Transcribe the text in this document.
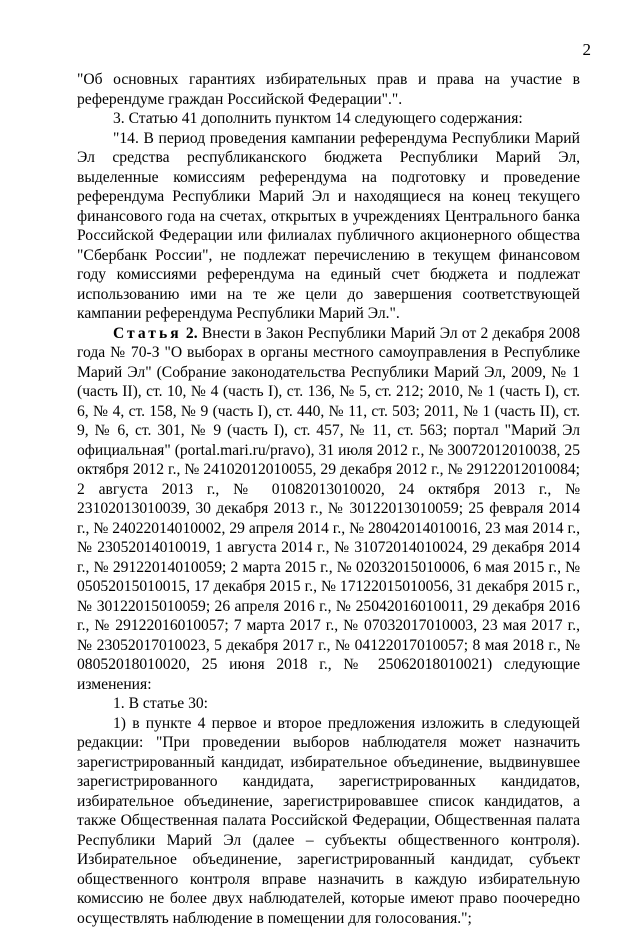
2

"Об основных гарантиях избирательных прав и права на участие в референдуме граждан Российской Федерации".".

3. Статью 41 дополнить пунктом 14 следующего содержания:

"14. В период проведения кампании референдума Республики Марий Эл средства республиканского бюджета Республики Марий Эл, выделенные комиссиям референдума на подготовку и проведение референдума Республики Марий Эл и находящиеся на конец текущего финансового года на счетах, открытых в учреждениях Центрального банка Российской Федерации или филиалах публичного акционерного общества "Сбербанк России", не подлежат перечислению в текущем финансовом году комиссиями референдума на единый счет бюджета и подлежат использованию ими на те же цели до завершения соответствующей кампании референдума Республики Марий Эл.".

Статья 2. Внести в Закон Республики Марий Эл от 2 декабря 2008 года № 70-З "О выборах в органы местного самоуправления в Республике Марий Эл" (Собрание законодательства Республики Марий Эл, 2009, № 1 (часть II), ст. 10, № 4 (часть I), ст. 136, № 5, ст. 212; 2010, № 1 (часть I), ст. 6, № 4, ст. 158, № 9 (часть I), ст. 440, № 11, ст. 503; 2011, № 1 (часть II), ст. 9, № 6, ст. 301, № 9 (часть I), ст. 457, № 11, ст. 563; портал "Марий Эл официальная" (portal.mari.ru/pravo), 31 июля 2012 г., № 30072012010038, 25 октября 2012 г., № 24102012010055, 29 декабря 2012 г., № 29122012010084; 2 августа 2013 г., № 01082013010020, 24 октября 2013 г., № 23102013010039, 30 декабря 2013 г., № 30122013010059; 25 февраля 2014 г., № 24022014010002, 29 апреля 2014 г., № 28042014010016, 23 мая 2014 г., № 23052014010019, 1 августа 2014 г., № 31072014010024, 29 декабря 2014 г., № 29122014010059; 2 марта 2015 г., № 02032015010006, 6 мая 2015 г., № 05052015010015, 17 декабря 2015 г., № 17122015010056, 31 декабря 2015 г., № 30122015010059; 26 апреля 2016 г., № 25042016010011, 29 декабря 2016 г., № 29122016010057; 7 марта 2017 г., № 07032017010003, 23 мая 2017 г., № 23052017010023, 5 декабря 2017 г., № 04122017010057; 8 мая 2018 г., № 08052018010020, 25 июня 2018 г., № 25062018010021) следующие изменения:

1. В статье 30:

1) в пункте 4 первое и второе предложения изложить в следующей редакции: "При проведении выборов наблюдателя может назначить зарегистрированный кандидат, избирательное объединение, выдвинувшее зарегистрированного кандидата, зарегистрированных кандидатов, избирательное объединение, зарегистрировавшее список кандидатов, а также Общественная палата Российской Федерации, Общественная палата Республики Марий Эл (далее – субъекты общественного контроля). Избирательное объединение, зарегистрированный кандидат, субъект общественного контроля вправе назначить в каждую избирательную комиссию не более двух наблюдателей, которые имеют право поочередно осуществлять наблюдение в помещении для голосования.";
